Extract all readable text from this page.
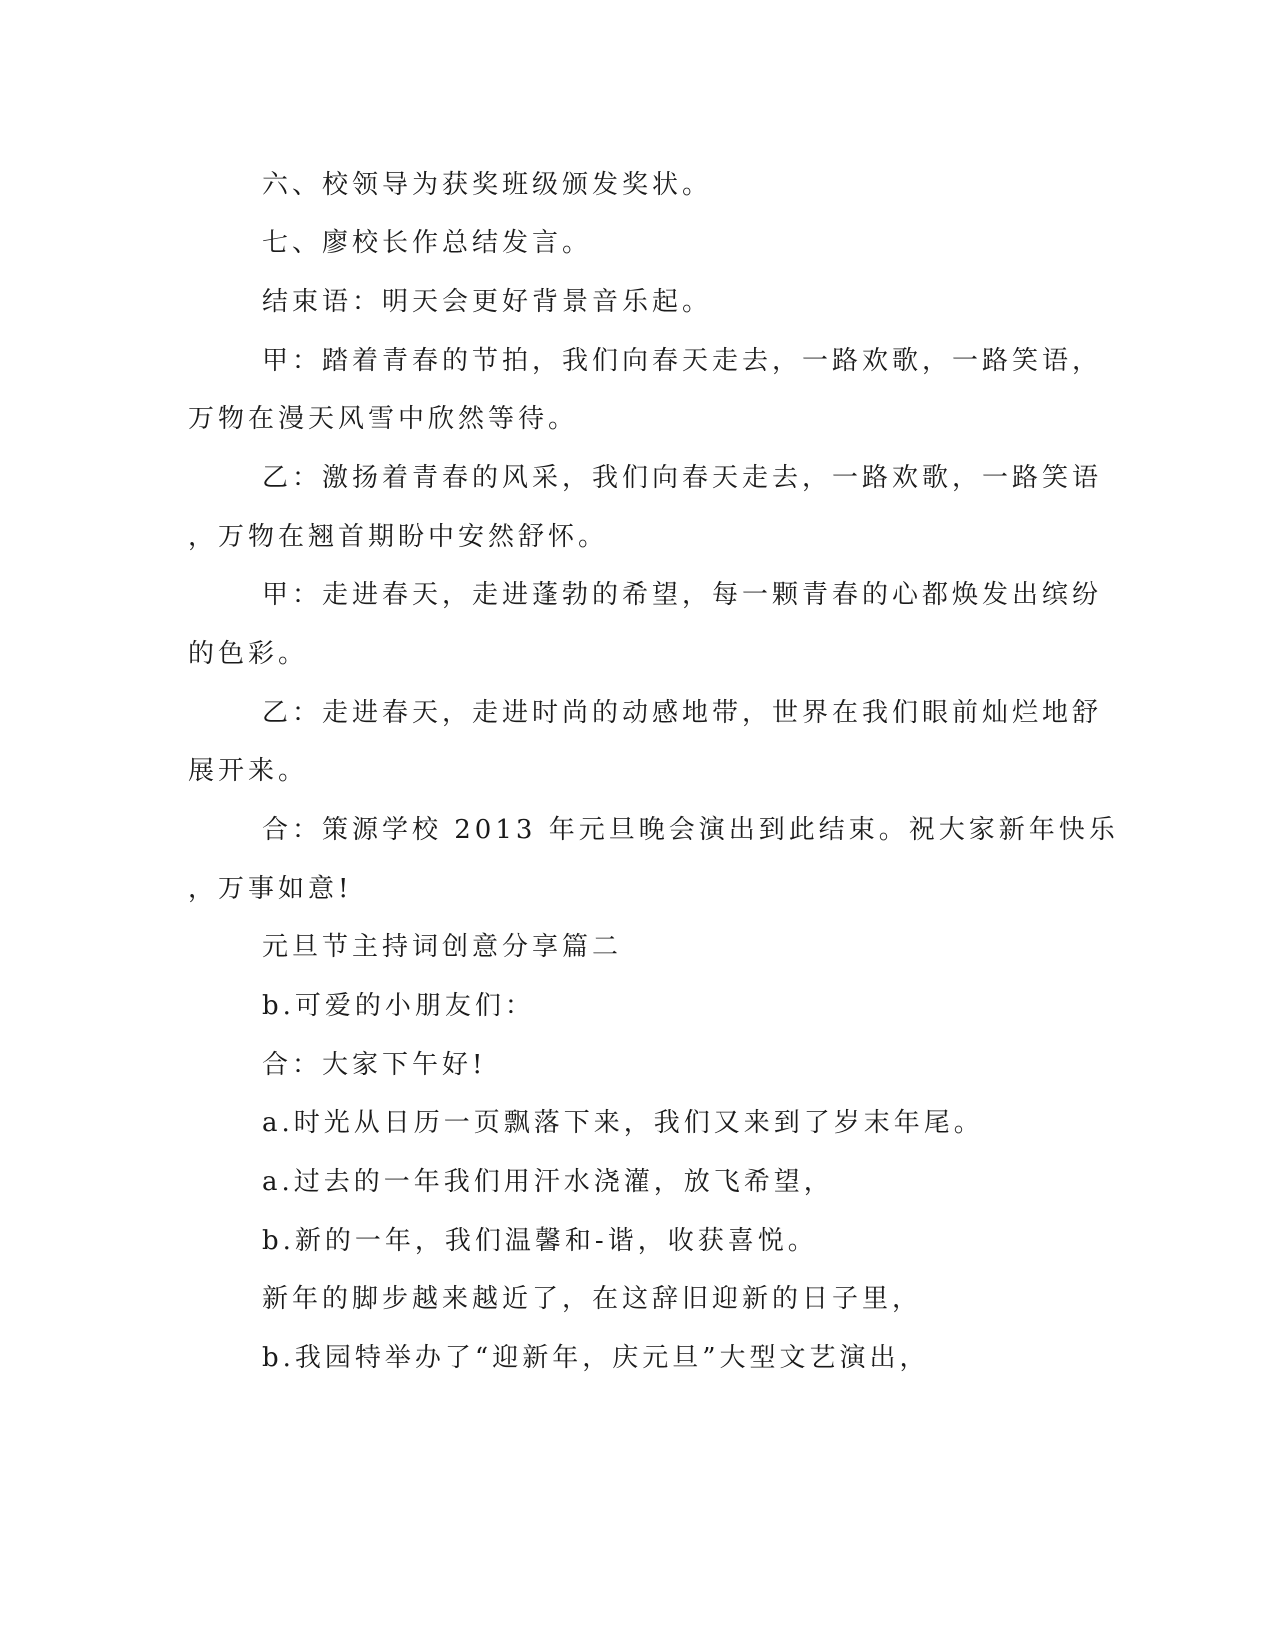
六、校领导为获奖班级颁发奖状。
七、廖校长作总结发言。
结束语：明天会更好背景音乐起。
甲：踏着青春的节拍，我们向春天走去，一路欢歌，一路笑语，
万物在漫天风雪中欣然等待。
乙：激扬着青春的风采，我们向春天走去，一路欢歌，一路笑语
，万物在翘首期盼中安然舒怀。
甲：走进春天，走进蓬勃的希望，每一颗青春的心都焕发出缤纷
的色彩。
乙：走进春天，走进时尚的动感地带，世界在我们眼前灿烂地舒
展开来。
合：策源学校 2013 年元旦晚会演出到此结束。祝大家新年快乐
，万事如意!
元旦节主持词创意分享篇二
b.可爱的小朋友们：
合：大家下午好!
a.时光从日历一页飘落下来，我们又来到了岁末年尾。
a.过去的一年我们用汗水浇灌，放飞希望，
b.新的一年，我们温馨和-谐，收获喜悦。
新年的脚步越来越近了，在这辞旧迎新的日子里，
b.我园特举办了“迎新年，庆元旦”大型文艺演出，
